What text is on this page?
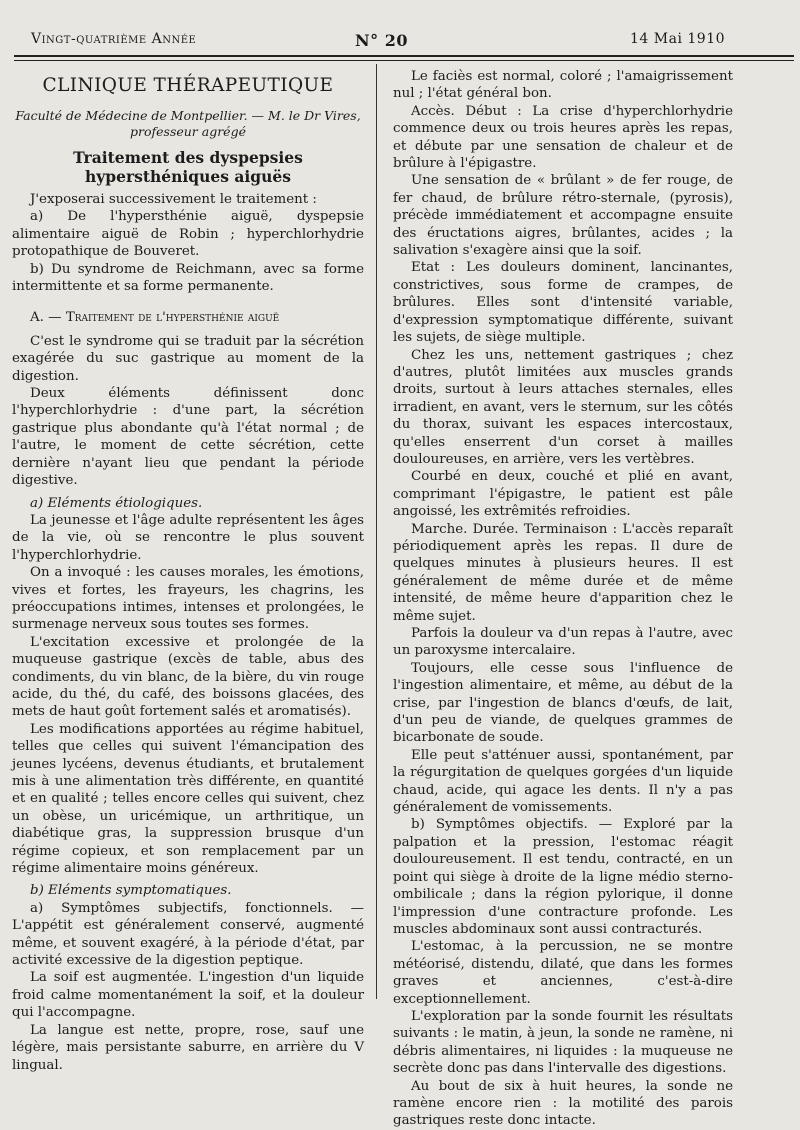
Vingt-quatrième Année	N° 20	14 Mai 1910

CLINIQUE THÉRAPEUTIQUE

Faculté de Médecine de Montpellier. — M. le Dr Vires, professeur agrégé

Traitement des dyspepsies hypersthéniques aiguës

J'exposerai successivement le traitement :

a) De l'hypersthénie aiguë, dyspepsie alimentaire aiguë de Robin ; hyperchlorhydrie protopathique de Bouveret.

b) Du syndrome de Reichmann, avec sa forme intermittente et sa forme permanente.

A. — Traitement de l'hypersthénie aiguë

C'est le syndrome qui se traduit par la sécrétion exagérée du suc gastrique au moment de la digestion.

Deux éléments définissent donc l'hyperchlorhydrie : d'une part, la sécrétion gastrique plus abondante qu'à l'état normal ; de l'autre, le moment de cette sécrétion, cette dernière n'ayant lieu que pendant la période digestive.

a) Eléments étiologiques.

La jeunesse et l'âge adulte représentent les âges de la vie, où se rencontre le plus souvent l'hyperchlorhydrie.

On a invoqué : les causes morales, les émotions, vives et fortes, les frayeurs, les chagrins, les préoccupations intimes, intenses et prolongées, le surmenage nerveux sous toutes ses formes.

L'excitation excessive et prolongée de la muqueuse gastrique (excès de table, abus des condiments, du vin blanc, de la bière, du vin rouge acide, du thé, du café, des boissons glacées, des mets de haut goût fortement salés et aromatisés).

Les modifications apportées au régime habituel, telles que celles qui suivent l'émancipation des jeunes lycéens, devenus étudiants, et brutalement mis à une alimentation très différente, en quantité et en qualité ; telles encore celles qui suivent, chez un obèse, un uricémique, un arthritique, un diabétique gras, la suppression brusque d'un régime copieux, et son remplacement par un régime alimentaire moins généreux.

b) Eléments symptomatiques.

a) Symptômes subjectifs, fonctionnels. — L'appétit est généralement conservé, augmenté même, et souvent exagéré, à la période d'état, par activité excessive de la digestion peptique.

La soif est augmentée. L'ingestion d'un liquide froid calme momentanément la soif, et la douleur qui l'accompagne.

La langue est nette, propre, rose, sauf une légère, mais persistante saburre, en arrière du V lingual.

Le faciès est normal, coloré ; l'amaigrissement nul ; l'état général bon.

Accès. Début : La crise d'hyperchlorhydrie commence deux ou trois heures après les repas, et débute par une sensation de chaleur et de brûlure à l'épigastre.

Une sensation de « brûlant » de fer rouge, de fer chaud, de brûlure rétro-sternale, (pyrosis), précède immédiatement et accompagne ensuite des éructations aigres, brûlantes, acides ; la salivation s'exagère ainsi que la soif.

Etat : Les douleurs dominent, lancinantes, constrictives, sous forme de crampes, de brûlures. Elles sont d'intensité variable, d'expression symptomatique différente, suivant les sujets, de siège multiple.

Chez les uns, nettement gastriques ; chez d'autres, plutôt limitées aux muscles grands droits, surtout à leurs attaches sternales, elles irradient, en avant, vers le sternum, sur les côtés du thorax, suivant les espaces intercostaux, qu'elles enserrent d'un corset à mailles douloureuses, en arrière, vers les vertèbres.

Courbé en deux, couché et plié en avant, comprimant l'épigastre, le patient est pâle angoissé, les extrêmités refroidies.

Marche. Durée. Terminaison : L'accès reparaît périodiquement après les repas. Il dure de quelques minutes à plusieurs heures. Il est généralement de même durée et de même intensité, de même heure d'apparition chez le même sujet.

Parfois la douleur va d'un repas à l'autre, avec un paroxysme intercalaire.

Toujours, elle cesse sous l'influence de l'ingestion alimentaire, et même, au début de la crise, par l'ingestion de blancs d'œufs, de lait, d'un peu de viande, de quelques grammes de bicarbonate de soude.

Elle peut s'atténuer aussi, spontanément, par la régurgitation de quelques gorgées d'un liquide chaud, acide, qui agace les dents. Il n'y a pas généralement de vomissements.

b) Symptômes objectifs. — Exploré par la palpation et la pression, l'estomac réagit douloureusement. Il est tendu, contracté, en un point qui siège à droite de la ligne médio sterno-ombilicale ; dans la région pylorique, il donne l'impression d'une contracture profonde. Les muscles abdominaux sont aussi contracturés.

L'estomac, à la percussion, ne se montre météorisé, distendu, dilaté, que dans les formes graves et anciennes, c'est-à-dire exceptionnellement.

L'exploration par la sonde fournit les résultats suivants : le matin, à jeun, la sonde ne ramène, ni débris alimentaires, ni liquides : la muqueuse ne secrète donc pas dans l'intervalle des digestions.

Au bout de six à huit heures, la sonde ne ramène encore rien : la motilité des parois gastriques reste donc intacte.
